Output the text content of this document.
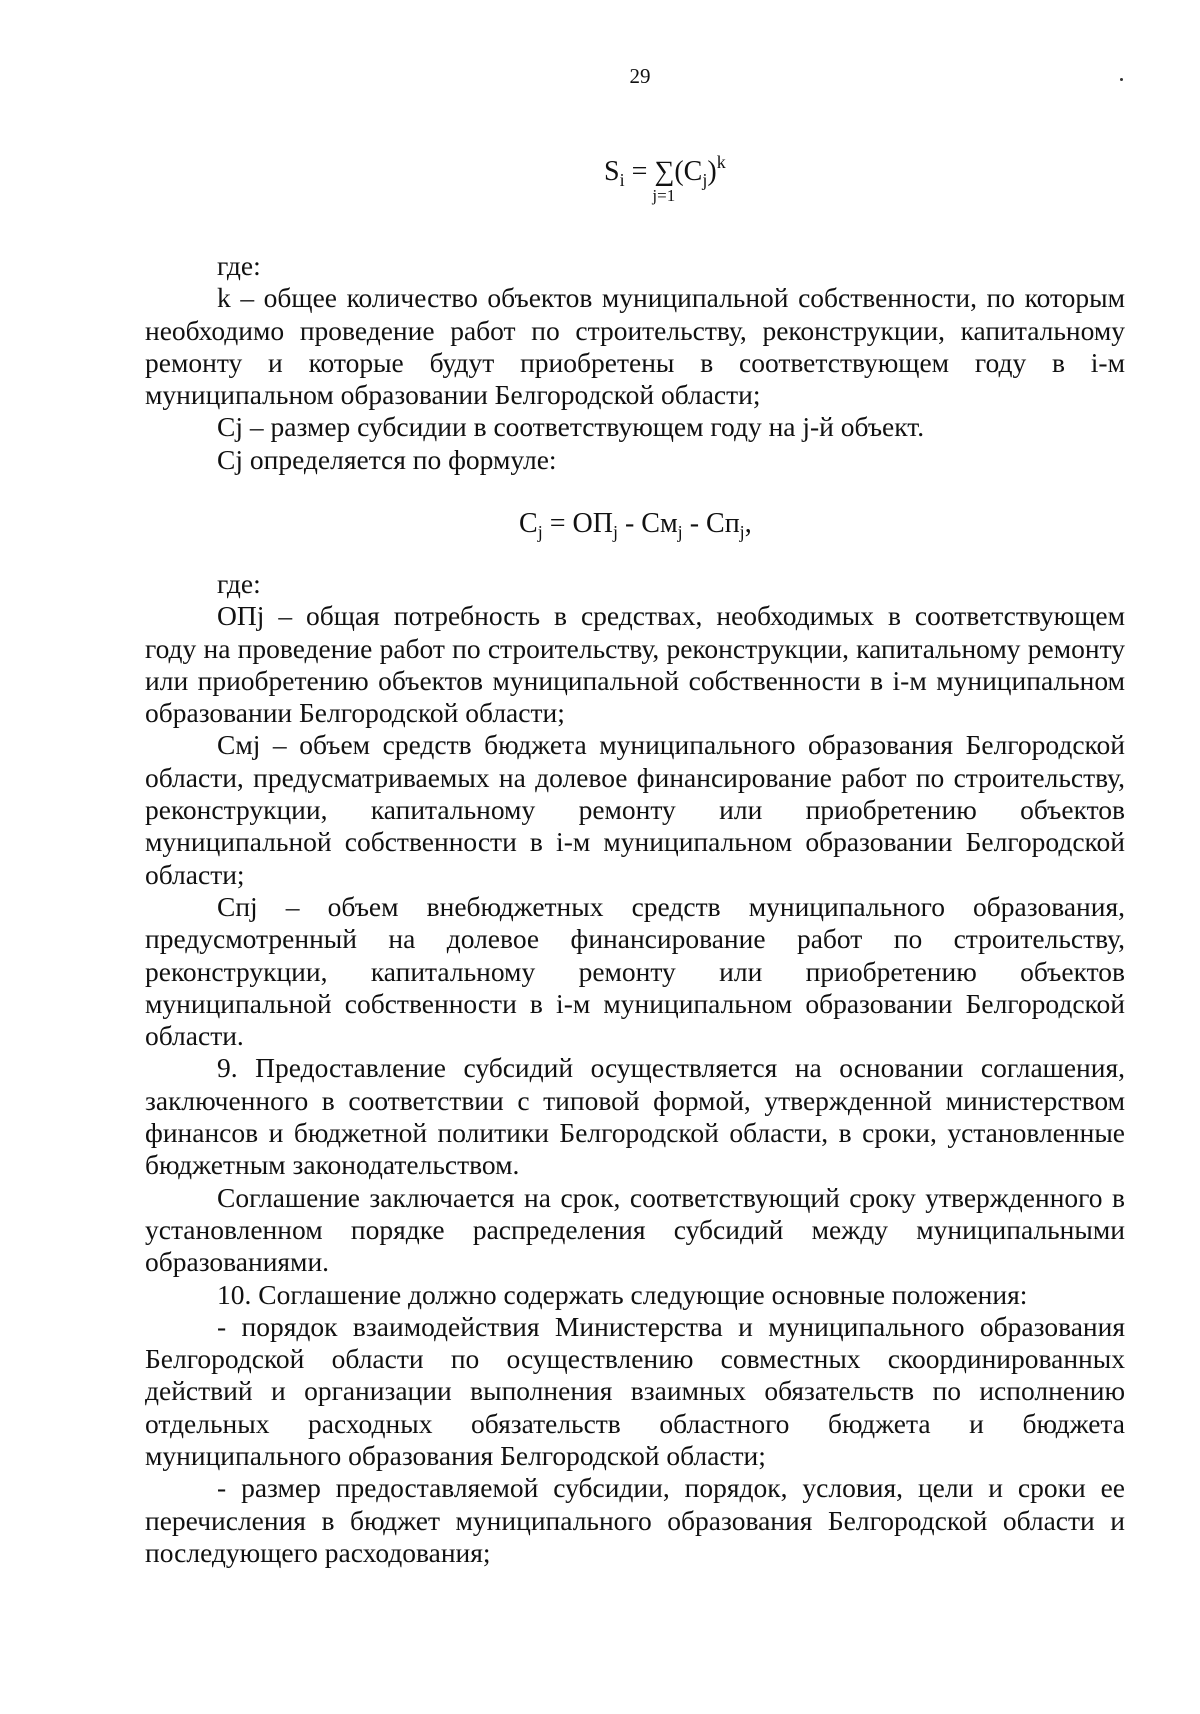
29
$S_i$ = ∑
j=1
$(C_j)^k$

где:

k – общее количество объектов муниципальной собственности, по которым необходимо проведение работ по строительству, реконструкции, капитальному ремонту и которые будут приобретены в соответствующем году в i-м муниципальном образовании Белгородской области;

Cj – размер субсидии в соответствующем году на j-й объект.

Cj определяется по формуле:

$C_j = ОП_j - См_j - Сп_j$,

где:

ОПj – общая потребность в средствах, необходимых в соответствующем году на проведение работ по строительству, реконструкции, капитальному ремонту или приобретению объектов муниципальной собственности в i-м муниципальном образовании Белгородской области;

Смj – объем средств бюджета муниципального образования Белгородской области, предусматриваемых на долевое финансирование работ по строительству, реконструкции, капитальному ремонту или приобретению объектов муниципальной собственности в i-м муниципальном образовании Белгородской области;

Спj – объем внебюджетных средств муниципального образования, предусмотренный на долевое финансирование работ по строительству, реконструкции, капитальному ремонту или приобретению объектов муниципальной собственности в i-м муниципальном образовании Белгородской области.

9. Предоставление субсидий осуществляется на основании соглашения, заключенного в соответствии с типовой формой, утвержденной министерством финансов и бюджетной политики Белгородской области, в сроки, установленные бюджетным законодательством.

Соглашение заключается на срок, соответствующий сроку утвержденного в установленном порядке распределения субсидий между муниципальными образованиями.

10. Соглашение должно содержать следующие основные положения:

- порядок взаимодействия Министерства и муниципального образования Белгородской области по осуществлению совместных скоординированных действий и организации выполнения взаимных обязательств по исполнению отдельных расходных обязательств областного бюджета и бюджета муниципального образования Белгородской области;

- размер предоставляемой субсидии, порядок, условия, цели и сроки ее перечисления в бюджет муниципального образования Белгородской области и последующего расходования;
